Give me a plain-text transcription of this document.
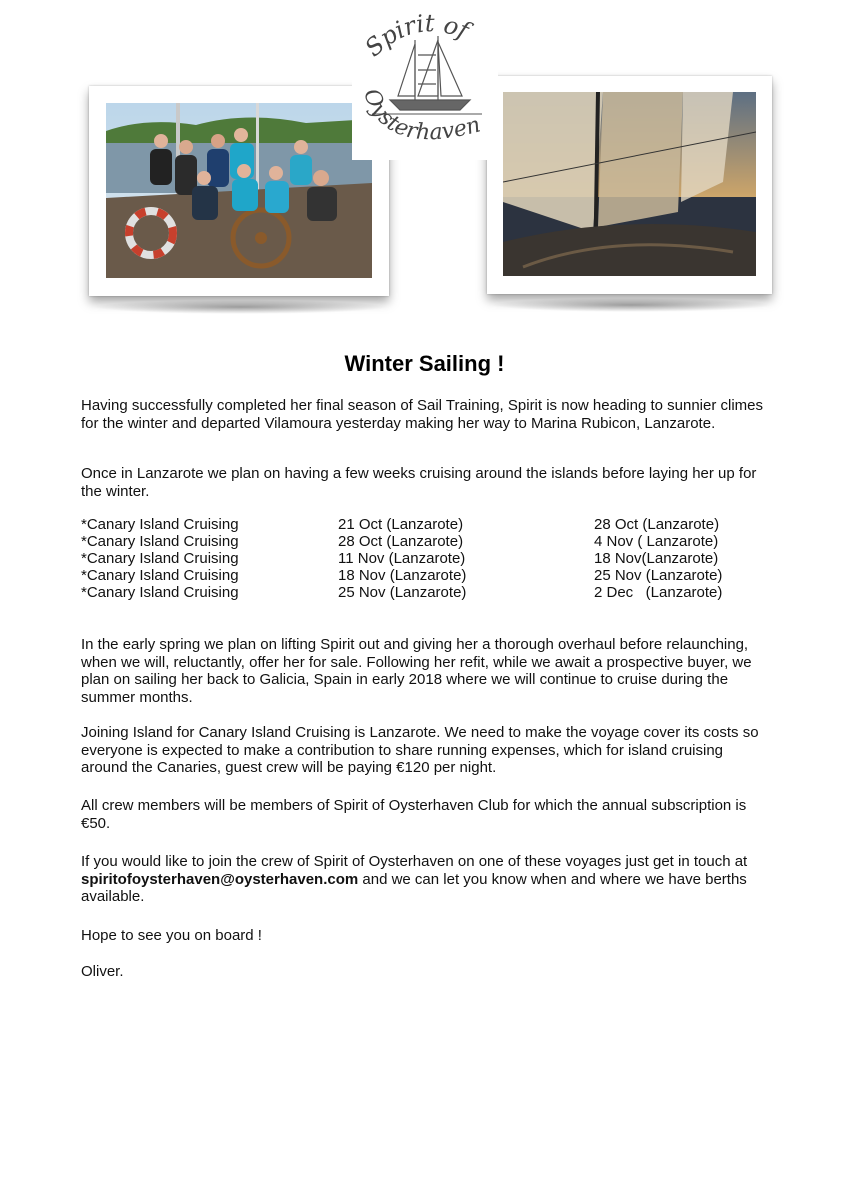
Spirit of
Oysterhaven
Winter Sailing !

Having successfully completed her final season of Sail Training, Spirit is now heading to sunnier climes for the winter and departed Vilamoura yesterday making her way to Marina Rubicon, Lanzarote.

Once in Lanzarote we plan on having a few weeks cruising around the islands before laying her up for the winter.

*Canary Island Cruising	21 Oct (Lanzarote)	28 Oct (Lanzarote)
*Canary Island Cruising	28 Oct (Lanzarote)	4 Nov ( Lanzarote)
*Canary Island Cruising	11 Nov (Lanzarote)	18 Nov(Lanzarote)
*Canary Island Cruising	18 Nov (Lanzarote)	25 Nov (Lanzarote)
*Canary Island Cruising	25 Nov (Lanzarote)	2 Dec   (Lanzarote)

In the early spring we plan on lifting Spirit out and giving her a thorough overhaul before relaunching, when we will, reluctantly, offer her for sale. Following her refit, while we await a prospective buyer, we plan on sailing her back to Galicia, Spain in early 2018 where we will continue to cruise during the summer months.

Joining Island for Canary Island Cruising is Lanzarote. We need to make the voyage cover its costs so everyone is expected to make a contribution to share running expenses, which for island cruising around the Canaries, guest crew will be paying €120 per night.

All crew members will be members of Spirit of Oysterhaven Club for which the annual subscription is €50.

If you would like to join the crew of Spirit of Oysterhaven on one of these voyages just get in touch at spiritofoysterhaven@oysterhaven.com and we can let you know when and where we have berths available.

Hope to see you on board !

Oliver.
